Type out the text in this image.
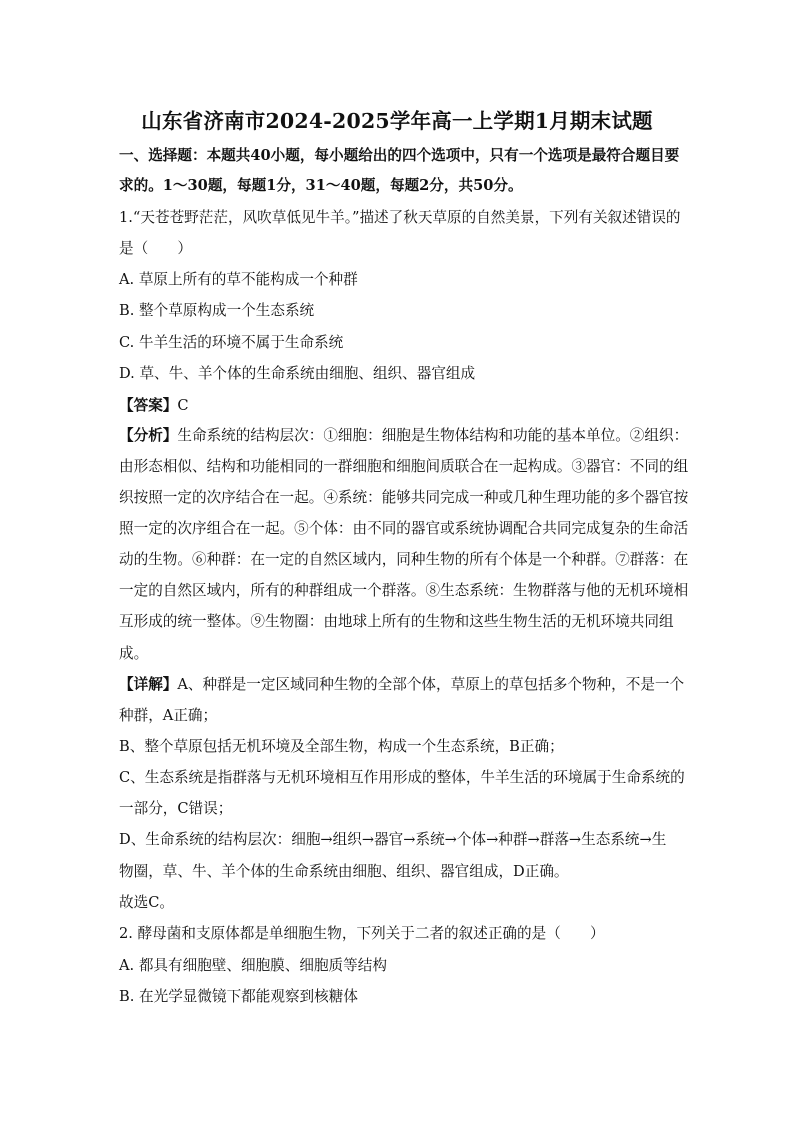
山东省济南市2024-2025学年高一上学期1月期末试题
一、选择题：本题共40小题，每小题给出的四个选项中，只有一个选项是最符合题目要
求的。1～30题，每题1分，31～40题，每题2分，共50分。
1.“天苍苍野茫茫，风吹草低见牛羊。”描述了秋天草原的自然美景，下列有关叙述错误的
是（　　）
A. 草原上所有的草不能构成一个种群
B. 整个草原构成一个生态系统
C. 牛羊生活的环境不属于生命系统
D. 草、牛、羊个体的生命系统由细胞、组织、器官组成
【答案】C
【分析】生命系统的结构层次：①细胞：细胞是生物体结构和功能的基本单位。②组织：
由形态相似、结构和功能相同的一群细胞和细胞间质联合在一起构成。③器官：不同的组
织按照一定的次序结合在一起。④系统：能够共同完成一种或几种生理功能的多个器官按
照一定的次序组合在一起。⑤个体：由不同的器官或系统协调配合共同完成复杂的生命活
动的生物。⑥种群：在一定的自然区域内，同种生物的所有个体是一个种群。⑦群落：在
一定的自然区域内，所有的种群组成一个群落。⑧生态系统：生物群落与他的无机环境相
互形成的统一整体。⑨生物圈：由地球上所有的生物和这些生物生活的无机环境共同组
成。
【详解】A、种群是一定区域同种生物的全部个体，草原上的草包括多个物种，不是一个
种群，A正确；
B、整个草原包括无机环境及全部生物，构成一个生态系统，B正确；
C、生态系统是指群落与无机环境相互作用形成的整体，牛羊生活的环境属于生命系统的
一部分，C错误；
D、生命系统的结构层次：细胞→组织→器官→系统→个体→种群→群落→生态系统→生
物圈，草、牛、羊个体的生命系统由细胞、组织、器官组成，D正确。
故选C。
2. 酵母菌和支原体都是单细胞生物，下列关于二者的叙述正确的是（　　）
A. 都具有细胞壁、细胞膜、细胞质等结构
B. 在光学显微镜下都能观察到核糖体
